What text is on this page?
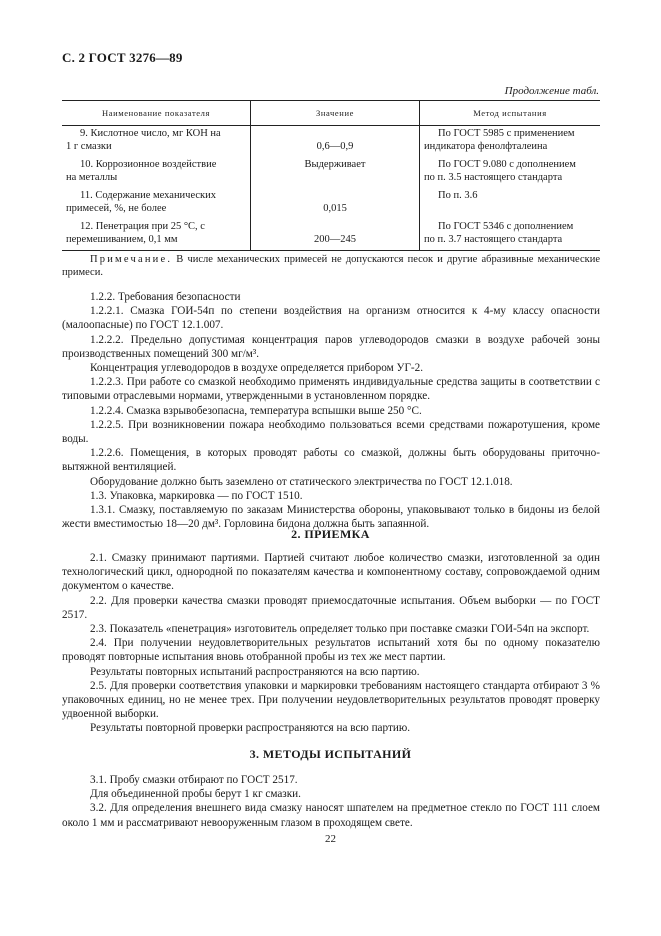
С. 2 ГОСТ 3276—89
Продолжение табл.
Наименование показателя	Значение	Метод испытания

9. Кислотное число, мг КОН на
1 г смазки	0,6—0,9	По ГОСТ 5985 с применением
индикатора фенолфталеина

10. Коррозионное воздействие
на металлы	Выдерживает	По ГОСТ 9.080 с дополнением
по п. 3.5 настоящего стандарта

11. Содержание механических
примесей, %, не более	0,015	По п. 3.6

12. Пенетрация при 25 °С, с
перемешиванием, 0,1 мм	200—245	По ГОСТ 5346 с дополнением
по п. 3.7 настоящего стандарта
Примечание. В числе механических примесей не допускаются песок и другие абразивные механические примеси.

1.2.2. Требования безопасности

1.2.2.1. Смазка ГОИ-54п по степени воздействия на организм относится к 4-му классу опасности (малоопасные) по ГОСТ 12.1.007.

1.2.2.2. Предельно допустимая концентрация паров углеводородов смазки в воздухе рабочей зоны производственных помещений 300 мг/м³.

Концентрация углеводородов в воздухе определяется прибором УГ-2.

1.2.2.3. При работе со смазкой необходимо применять индивидуальные средства защиты в соответствии с типовыми отраслевыми нормами, утвержденными в установленном порядке.

1.2.2.4. Смазка взрывобезопасна, температура вспышки выше 250 °С.

1.2.2.5. При возникновении пожара необходимо пользоваться всеми средствами пожаротушения, кроме воды.

1.2.2.6. Помещения, в которых проводят работы со смазкой, должны быть оборудованы приточно-вытяжной вентиляцией.

Оборудование должно быть заземлено от статического электричества по ГОСТ 12.1.018.

1.3. Упаковка, маркировка — по ГОСТ 1510.

1.3.1. Смазку, поставляемую по заказам Министерства обороны, упаковывают только в бидоны из белой жести вместимостью 18—20 дм³. Горловина бидона должна быть запаянной.

2. ПРИЕМКА

2.1. Смазку принимают партиями. Партией считают любое количество смазки, изготовленной за один технологический цикл, однородной по показателям качества и компонентному составу, сопровождаемой одним документом о качестве.

2.2. Для проверки качества смазки проводят приемосдаточные испытания. Объем выборки — по ГОСТ 2517.

2.3. Показатель «пенетрация» изготовитель определяет только при поставке смазки ГОИ-54п на экспорт.

2.4. При получении неудовлетворительных результатов испытаний хотя бы по одному показателю проводят повторные испытания вновь отобранной пробы из тех же мест партии.

Результаты повторных испытаний распространяются на всю партию.

2.5. Для проверки соответствия упаковки и маркировки требованиям настоящего стандарта отбирают 3 % упаковочных единиц, но не менее трех. При получении неудовлетворительных результатов проводят проверку удвоенной выборки.

Результаты повторной проверки распространяются на всю партию.

3. МЕТОДЫ ИСПЫТАНИЙ

3.1. Пробу смазки отбирают по ГОСТ 2517.

Для объединенной пробы берут 1 кг смазки.

3.2. Для определения внешнего вида смазку наносят шпателем на предметное стекло по ГОСТ 111 слоем около 1 мм и рассматривают невооруженным глазом в проходящем свете.

22
